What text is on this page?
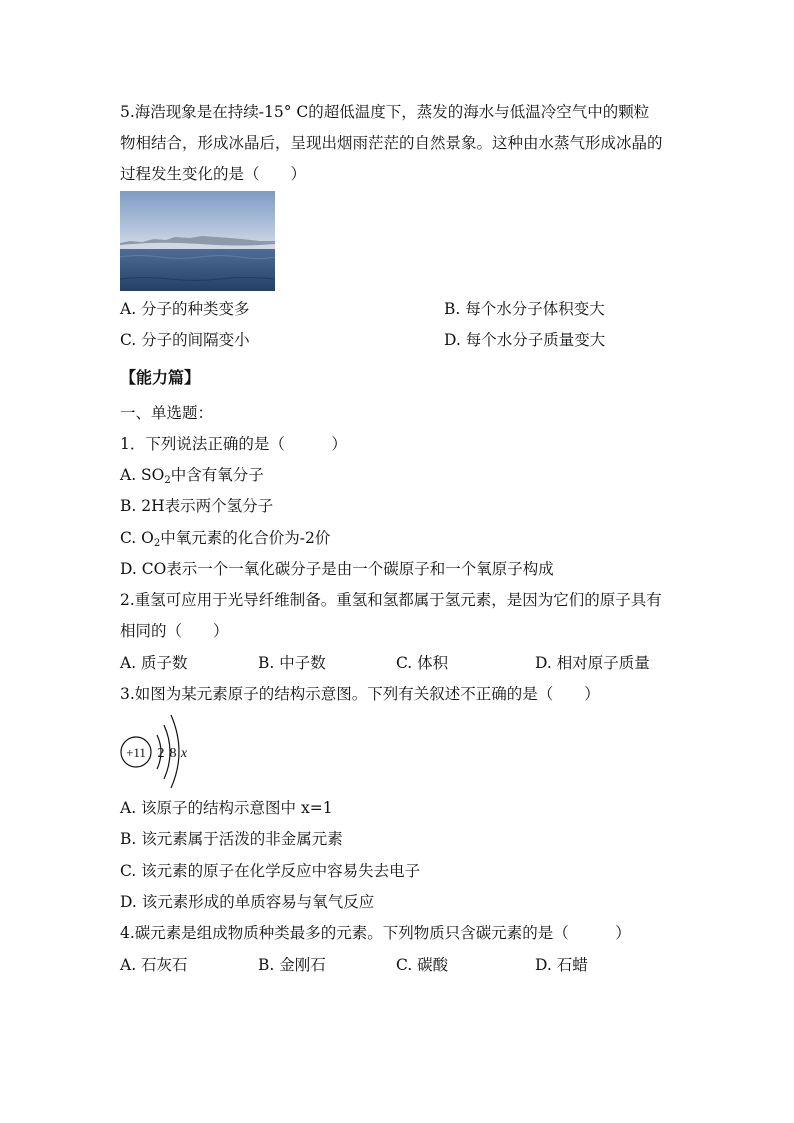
5.海浩现象是在持续-15° C的超低温度下，蒸发的海水与低温冷空气中的颗粒
物相结合，形成冰晶后，呈现出烟雨茫茫的自然景象。这种由水蒸气形成冰晶的
过程发生变化的是（　　）
A. 分子的种类变多	B. 每个水分子体积变大
C. 分子的间隔变小	D. 每个水分子质量变大
【能力篇】
一、单选题：
1．下列说法正确的是（　　　）
A. $SO_2$中含有氧分子
B. 2H表示两个氢分子
C. $O_2$中氧元素的化合价为-2价
D. CO表示一个一氧化碳分子是由一个碳原子和一个氧原子构成
2.重氢可应用于光导纤维制备。重氢和氢都属于氢元素，是因为它们的原子具有
相同的（　　）
A. 质子数	B. 中子数	C. 体积	D. 相对原子质量
3.如图为某元素原子的结构示意图。下列有关叙述不正确的是（　　）
+11 2 8 x
A. 该原子的结构示意图中 x=1
B. 该元素属于活泼的非金属元素
C. 该元素的原子在化学反应中容易失去电子
D. 该元素形成的单质容易与氧气反应
4.碳元素是组成物质种类最多的元素。下列物质只含碳元素的是（　　　）
A. 石灰石	B. 金刚石	C. 碳酸	D. 石蜡
